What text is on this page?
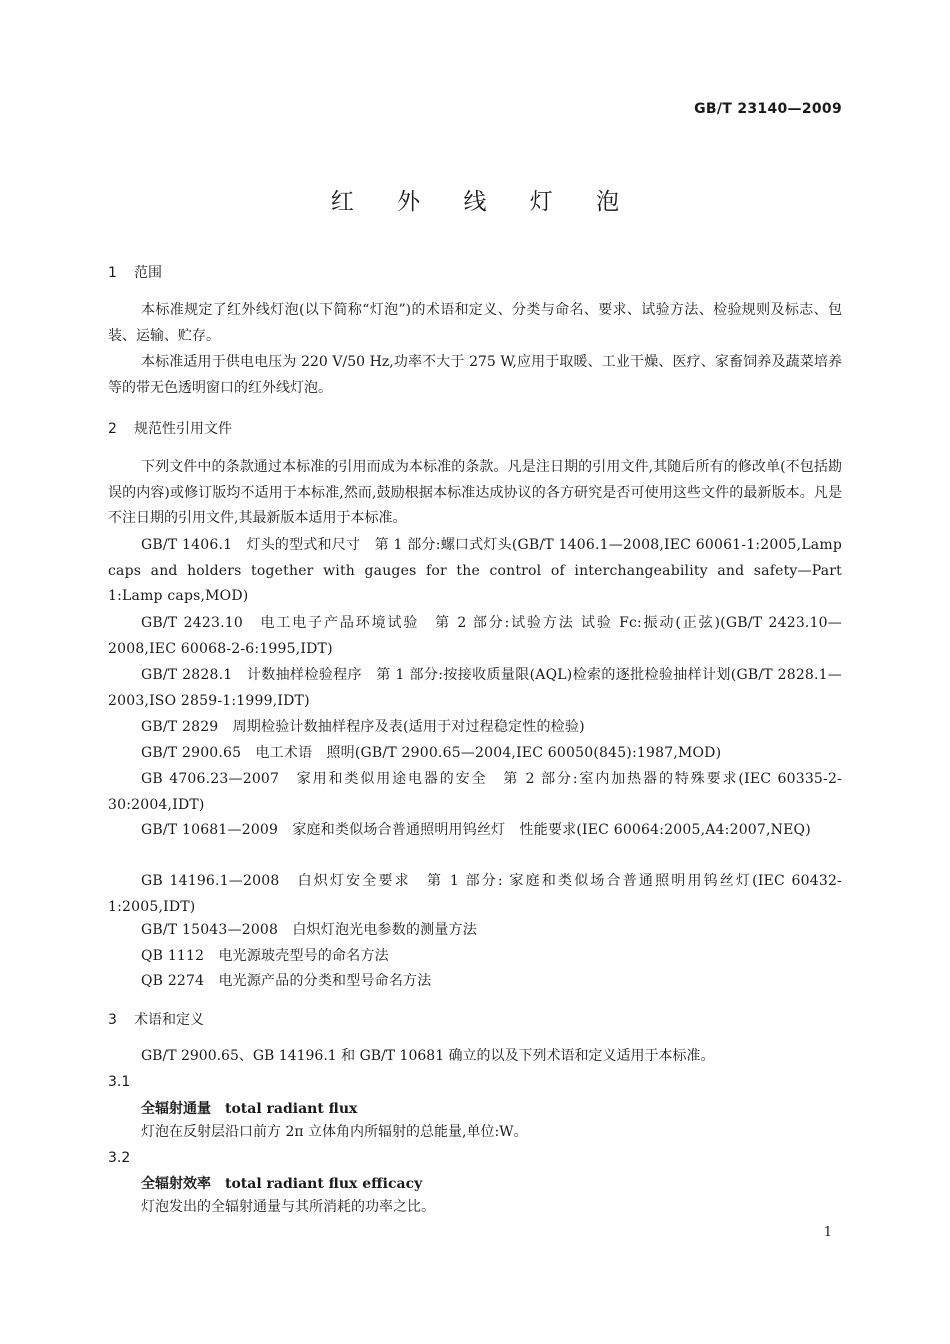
GB/T 23140—2009
红 外 线 灯 泡
1 范围

本标准规定了红外线灯泡(以下简称“灯泡”)的术语和定义、分类与命名、要求、试验方法、检验规则及标志、包装、运输、贮存。

本标准适用于供电电压为 220 V/50 Hz,功率不大于 275 W,应用于取暖、工业干燥、医疗、家畜饲养及蔬菜培养等的带无色透明窗口的红外线灯泡。

2 规范性引用文件

下列文件中的条款通过本标准的引用而成为本标准的条款。凡是注日期的引用文件,其随后所有的修改单(不包括勘误的内容)或修订版均不适用于本标准,然而,鼓励根据本标准达成协议的各方研究是否可使用这些文件的最新版本。凡是不注日期的引用文件,其最新版本适用于本标准。

GB/T 1406.1　灯头的型式和尺寸　第 1 部分:螺口式灯头(GB/T 1406.1—2008,IEC 60061-1:2005,Lamp caps and holders together with gauges for the control of interchangeability and safety—Part 1:Lamp caps,MOD)

GB/T 2423.10　电工电子产品环境试验　第 2 部分:试验方法 试验 Fc:振动(正弦)(GB/T 2423.10—2008,IEC 60068-2-6:1995,IDT)

GB/T 2828.1　计数抽样检验程序　第 1 部分:按接收质量限(AQL)检索的逐批检验抽样计划(GB/T 2828.1—2003,ISO 2859-1:1999,IDT)

GB/T 2829　周期检验计数抽样程序及表(适用于对过程稳定性的检验)

GB/T 2900.65　电工术语　照明(GB/T 2900.65—2004,IEC 60050(845):1987,MOD)

GB 4706.23—2007　家用和类似用途电器的安全　第 2 部分:室内加热器的特殊要求(IEC 60335-2-30:2004,IDT)

GB/T 10681—2009　家庭和类似场合普通照明用钨丝灯　性能要求(IEC 60064:2005,A4:2007,NEQ)

GB 14196.1—2008　白炽灯安全要求　第 1 部分: 家庭和类似场合普通照明用钨丝灯(IEC 60432-1:2005,IDT)

GB/T 15043—2008　白炽灯泡光电参数的测量方法

QB 1112　电光源玻壳型号的命名方法

QB 2274　电光源产品的分类和型号命名方法

3 术语和定义

GB/T 2900.65、GB 14196.1 和 GB/T 10681 确立的以及下列术语和定义适用于本标准。

3.1
全辐射通量 total radiant flux

灯泡在反射层沿口前方 2π 立体角内所辐射的总能量,单位:W。

3.2
全辐射效率 total radiant flux efficacy

灯泡发出的全辐射通量与其所消耗的功率之比。

1
